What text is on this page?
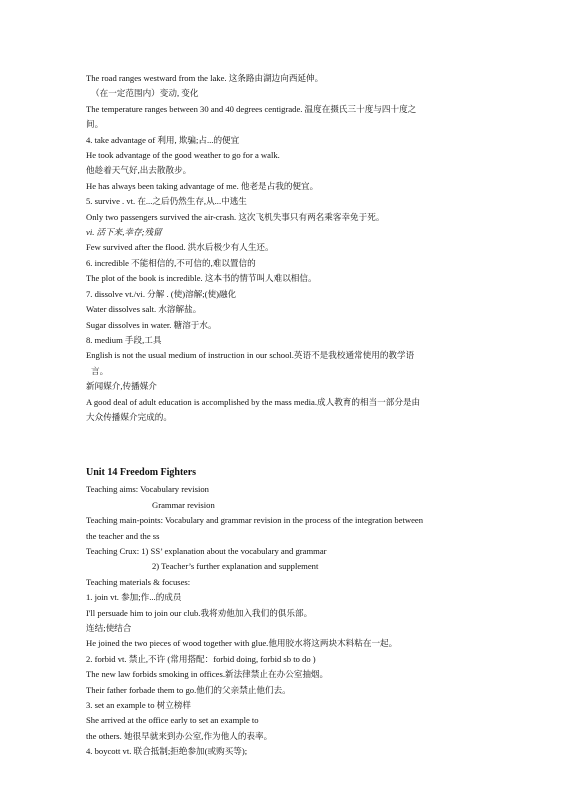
The road ranges westward from the lake. 这条路由湖边向西延伸。
（在一定范围内）变动, 变化
The temperature ranges between 30 and 40 degrees centigrade. 温度在摄氏三十度与四十度之
间。
4. take advantage of 利用, 欺骗;占...的便宜
He took advantage of the good weather to go for a walk.
他趁着天气好,出去散散步。
He has always been taking advantage of me. 他老是占我的便宜。
5. survive . vt. 在...之后仍然生存,从...中逃生
Only two passengers survived the air-crash. 这次飞机失事只有两名乘客幸免于死。
vi. 活下来,幸存;残留
Few survived after the flood. 洪水后极少有人生还。
6. incredible 不能相信的,不可信的,难以置信的
The plot of the book is incredible. 这本书的情节叫人难以相信。
7. dissolve vt./vi. 分解 . (使)溶解;(使)融化
Water dissolves salt. 水溶解盐。
Sugar dissolves in water. 糖溶于水。
8. medium 手段,工具
English is not the usual medium of instruction in our school.英语不是我校通常使用的教学语
言。
新闻媒介,传播媒介
A good deal of adult education is accomplished by the mass media.成人教育的相当一部分是由
大众传播媒介完成的。
Unit 14 Freedom Fighters
Teaching aims: Vocabulary revision
Grammar revision
Teaching main-points: Vocabulary and grammar revision in the process of the integration between
the teacher and the ss
Teaching Crux: 1) SS’ explanation about the vocabulary and grammar
2) Teacher’s further explanation and supplement
Teaching materials & focuses:
1. join vt. 参加;作...的成员
I'll persuade him to join our club.我将劝他加入我们的俱乐部。
连结;使结合
He joined the two pieces of wood together with glue.他用胶水将这两块木料粘在一起。
2. forbid vt. 禁止,不许 (常用搭配：forbid doing, forbid sb to do )
The new law forbids smoking in offices.新法律禁止在办公室抽烟。
Their father forbade them to go.他们的父亲禁止他们去。
3. set an example to 树立榜样
She arrived at the office early to set an example to
the others. 她很早就来到办公室,作为他人的表率。
4. boycott vt. 联合抵制;拒绝参加(或购买等);
